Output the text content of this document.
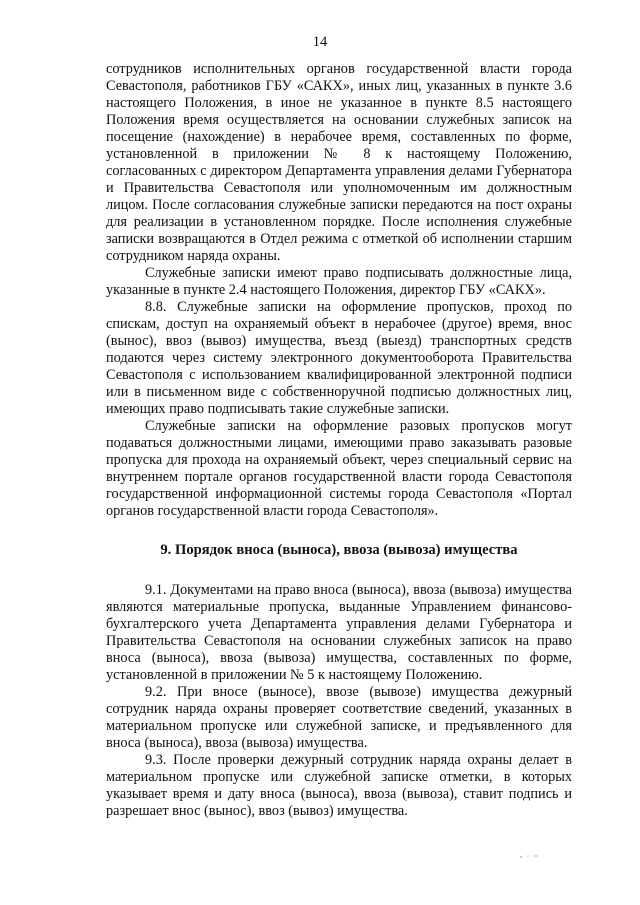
14

сотрудников исполнительных органов государственной власти города Севастополя, работников ГБУ «САКХ», иных лиц, указанных в пункте 3.6 настоящего Положения, в иное не указанное в пункте 8.5 настоящего Положения время осуществляется на основании служебных записок на посещение (нахождение) в нерабочее время, составленных по форме, установленной в приложении № 8 к настоящему Положению, согласованных с директором Департамента управления делами Губернатора и Правительства Севастополя или уполномоченным им должностным лицом. После согласования служебные записки передаются на пост охраны для реализации в установленном порядке. После исполнения служебные записки возвращаются в Отдел режима с отметкой об исполнении старшим сотрудником наряда охраны.

Служебные записки имеют право подписывать должностные лица, указанные в пункте 2.4 настоящего Положения, директор ГБУ «САКХ».

8.8. Служебные записки на оформление пропусков, проход по спискам, доступ на охраняемый объект в нерабочее (другое) время, внос (вынос), ввоз (вывоз) имущества, въезд (выезд) транспортных средств подаются через систему электронного документооборота Правительства Севастополя с использованием квалифицированной электронной подписи или в письменном виде с собственноручной подписью должностных лиц, имеющих право подписывать такие служебные записки.

Служебные записки на оформление разовых пропусков могут подаваться должностными лицами, имеющими право заказывать разовые пропуска для прохода на охраняемый объект, через специальный сервис на внутреннем портале органов государственной власти города Севастополя государственной информационной системы города Севастополя «Портал органов государственной власти города Севастополя».

9. Порядок вноса (выноса), ввоза (вывоза) имущества

9.1. Документами на право вноса (выноса), ввоза (вывоза) имущества являются материальные пропуска, выданные Управлением финансово-бухгалтерского учета Департамента управления делами Губернатора и Правительства Севастополя на основании служебных записок на право вноса (выноса), ввоза (вывоза) имущества, составленных по форме, установленной в приложении № 5 к настоящему Положению.

9.2. При вносе (выносе), ввозе (вывозе) имущества дежурный сотрудник наряда охраны проверяет соответствие сведений, указанных в материальном пропуске или служебной записке, и предъявленного для вноса (выноса), ввоза (вывоза) имущества.

9.3. После проверки дежурный сотрудник наряда охраны делает в материальном пропуске или служебной записке отметки, в которых указывает время и дату вноса (выноса), ввоза (вывоза), ставит подпись и разрешает внос (вынос), ввоз (вывоз) имущества.
